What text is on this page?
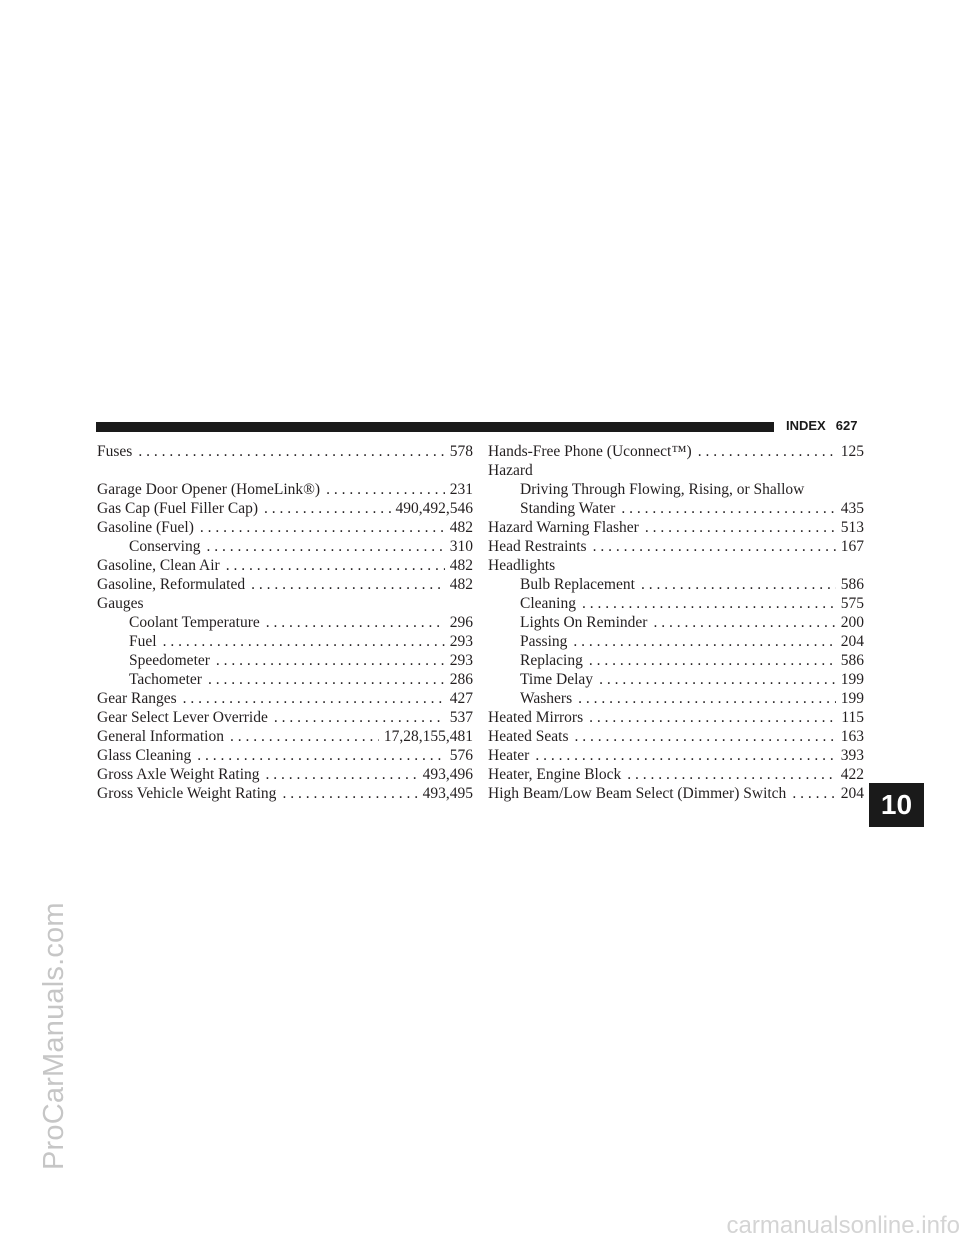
ProCarManuals.com
INDEX 627
Fuses . . .	578
Garage Door Opener (HomeLink®) . . .	231
Gas Cap (Fuel Filler Cap) . . .	490,492,546
Gasoline (Fuel) . . .	482
Conserving . . .	310
Gasoline, Clean Air . . .	482
Gasoline, Reformulated . . .	482
Gauges
Coolant Temperature . . .	296
Fuel . . .	293
Speedometer . . .	293
Tachometer . . .	286
Gear Ranges . . .	427
Gear Select Lever Override . . .	537
General Information . . .	17,28,155,481
Glass Cleaning . . .	576
Gross Axle Weight Rating . . .	493,496
Gross Vehicle Weight Rating . . .	493,495
Hands-Free Phone (Uconnect™) . . .	125
Hazard
Driving Through Flowing, Rising, or Shallow
Standing Water . . .	435
Hazard Warning Flasher . . .	513
Head Restraints . . .	167
Headlights
Bulb Replacement . . .	586
Cleaning . . .	575
Lights On Reminder . . .	200
Passing . . .	204
Replacing . . .	586
Time Delay . . .	199
Washers . . .	199
Heated Mirrors . . .	115
Heated Seats . . .	163
Heater . . .	393
Heater, Engine Block . . .	422
High Beam/Low Beam Select (Dimmer) Switch . . .	204 10
carmanualsonline.info
